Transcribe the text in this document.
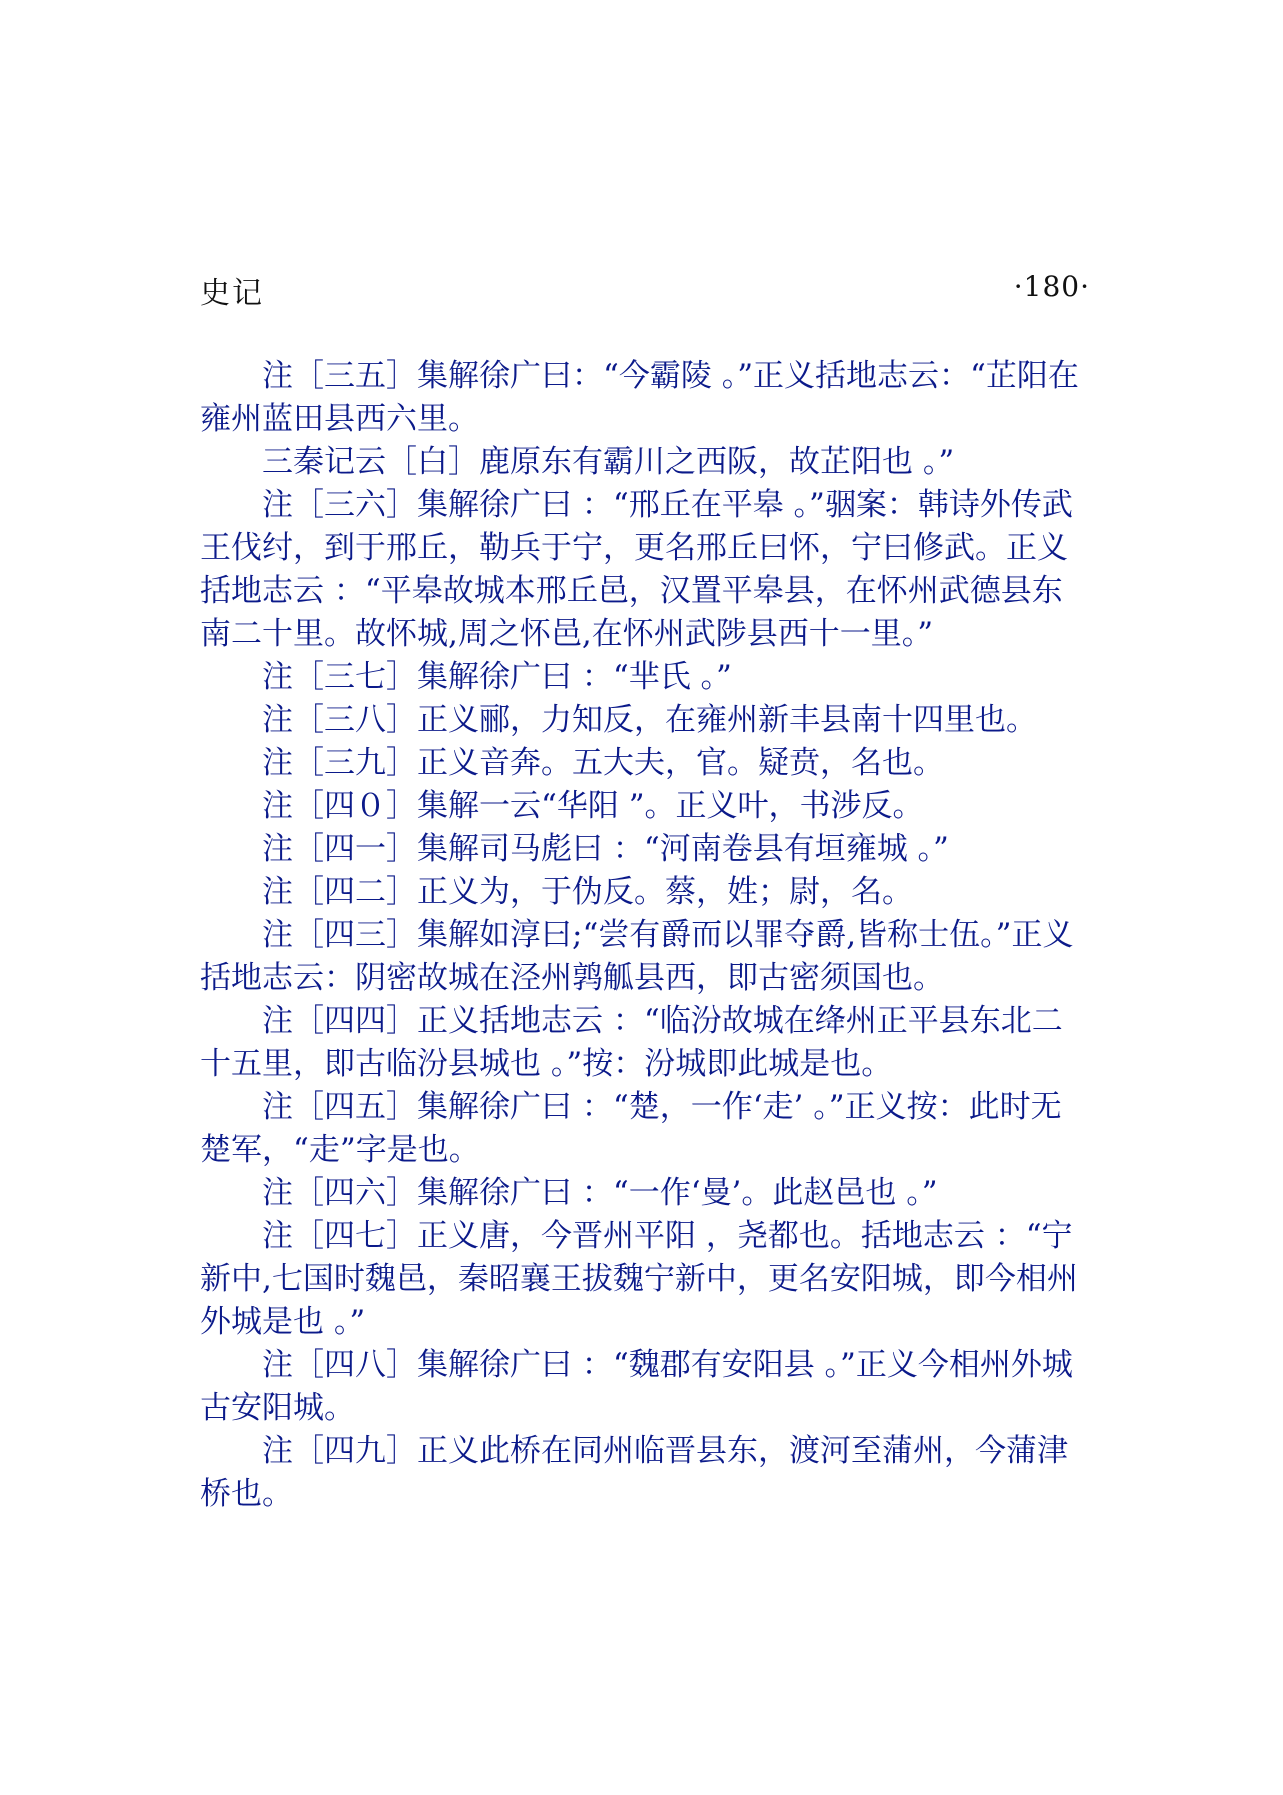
史记	·180·

注［三五］集解徐广曰：“今霸陵 。”正义括地志云：“芷阳在雍州蓝田县西六里。

三秦记云［白］鹿原东有霸川之西阪，故芷阳也 。”

注［三六］集解徐广曰 ：“邢丘在平皋 。”骃案：韩诗外传武王伐纣，到于邢丘，勒兵于宁，更名邢丘曰怀，宁曰修武。正义括地志云 ：“平皋故城本邢丘邑，汉置平皋县，在怀州武德县东南二十里。故怀城,周之怀邑,在怀州武陟县西十一里。”

注［三七］集解徐广曰 ：“芈氏 。”

注［三八］正义郦，力知反，在雍州新丰县南十四里也。

注［三九］正义音奔。五大夫，官。疑贲，名也。

注［四０］集解一云“华阳 ”。正义叶，书涉反。

注［四一］集解司马彪曰 ：“河南卷县有垣雍城 。”

注［四二］正义为，于伪反。蔡，姓；尉，名。

注［四三］集解如淳曰;“尝有爵而以罪夺爵,皆称士伍。”正义括地志云：阴密故城在泾州鹑觚县西，即古密须国也。

注［四四］正义括地志云 ：“临汾故城在绛州正平县东北二十五里，即古临汾县城也 。”按：汾城即此城是也。

注［四五］集解徐广曰 ：“楚，一作‘走’ 。”正义按：此时无楚军，“走”字是也。

注［四六］集解徐广曰 ：“一作‘曼’。此赵邑也 。”

注［四七］正义唐，今晋州平阳 ，尧都也。括地志云 ：“宁新中,七国时魏邑，秦昭襄王拔魏宁新中，更名安阳城，即今相州外城是也 。”

注［四八］集解徐广曰 ：“魏郡有安阳县 。”正义今相州外城古安阳城。

注［四九］正义此桥在同州临晋县东，渡河至蒲州，今蒲津桥也。
